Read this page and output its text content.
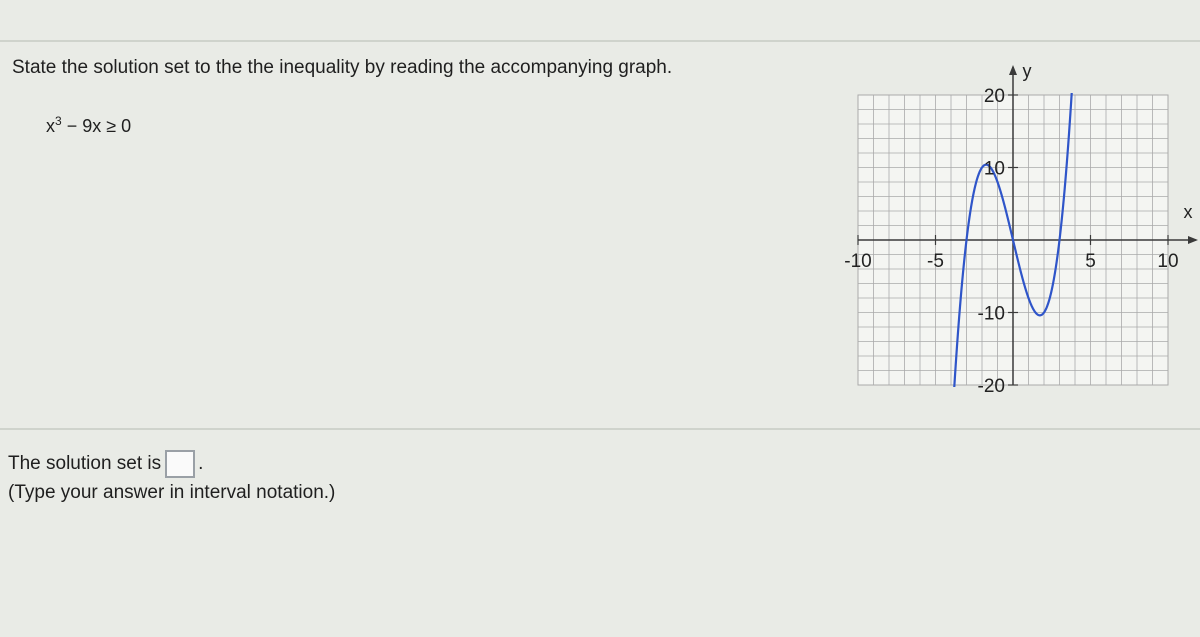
State the solution set to the the inequality by reading the accompanying graph.
$x^3 - 9x \ge 0$
-10	-5	5	10
20
10
-10
-20
x
y
The solution set is .
(Type your answer in interval notation.)
